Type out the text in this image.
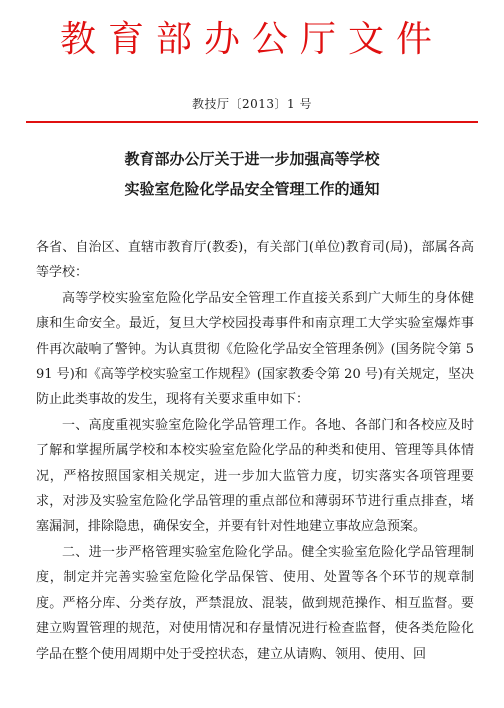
教育部办公厅文件
教技厅〔2013〕1 号
教育部办公厅关于进一步加强高等学校
实验室危险化学品安全管理工作的通知

各省、自治区、直辖市教育厅(教委)，有关部门(单位)教育司(局)，部属各高等学校：

高等学校实验室危险化学品安全管理工作直接关系到广大师生的身体健康和生命安全。最近，复旦大学校园投毒事件和南京理工大学实验室爆炸事件再次敲响了警钟。为认真贯彻《危险化学品安全管理条例》(国务院令第 591 号)和《高等学校实验室工作规程》(国家教委令第 20 号)有关规定，坚决防止此类事故的发生，现将有关要求重申如下：

一、高度重视实验室危险化学品管理工作。各地、各部门和各校应及时了解和掌握所属学校和本校实验室危险化学品的种类和使用、管理等具体情况，严格按照国家相关规定，进一步加大监管力度，切实落实各项管理要求，对涉及实验室危险化学品管理的重点部位和薄弱环节进行重点排查，堵塞漏洞，排除隐患，确保安全，并要有针对性地建立事故应急预案。

二、进一步严格管理实验室危险化学品。健全实验室危险化学品管理制度，制定并完善实验室危险化学品保管、使用、处置等各个环节的规章制度。严格分库、分类存放，严禁混放、混装，做到规范操作、相互监督。要建立购置管理的规范，对使用情况和存量情况进行检查监督，使各类危险化学品在整个使用周期中处于受控状态，建立从请购、领用、使用、回
